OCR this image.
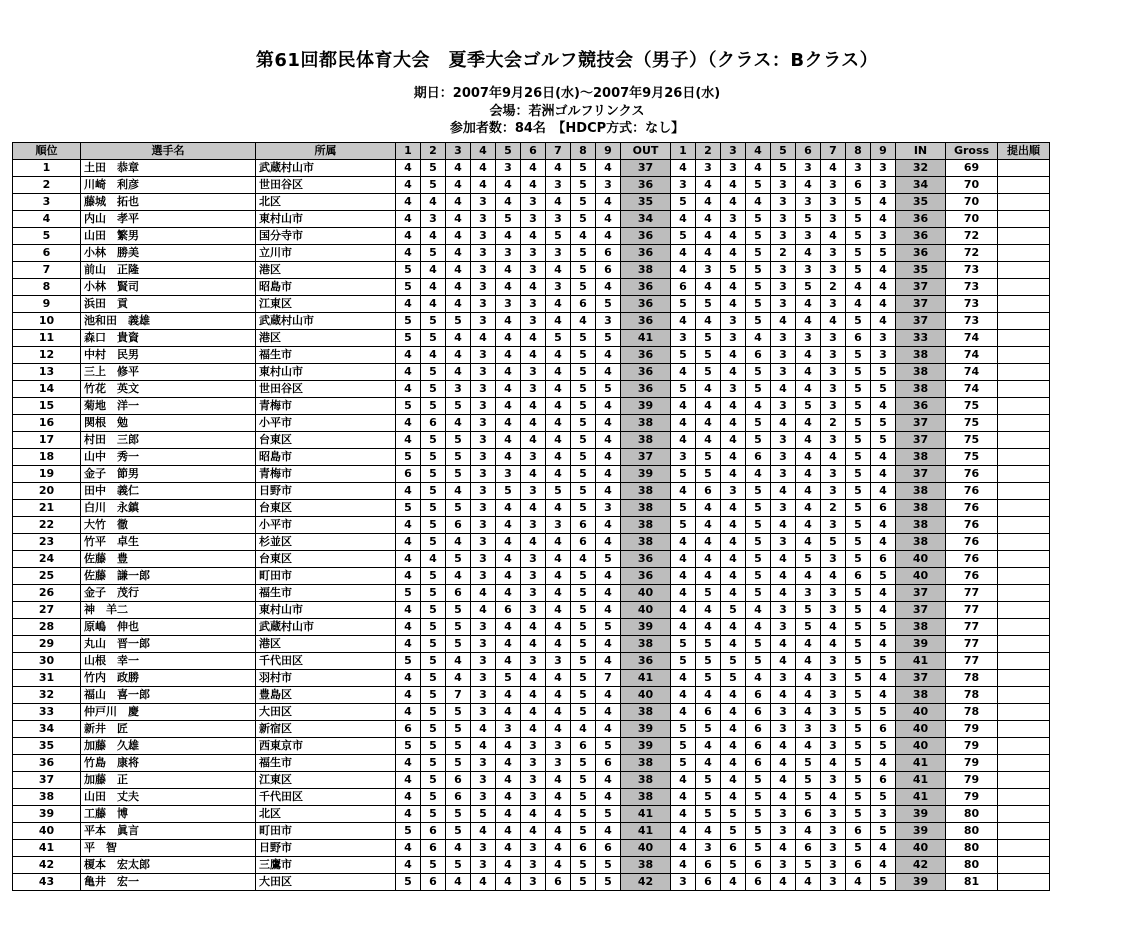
第61回都民体育大会　夏季大会ゴルフ競技会（男子）（クラス：Bクラス）
期日：2007年9月26日(水)～2007年9月26日(水)
会場：若洲ゴルフリンクス
参加者数：84名　【HDCP方式：なし】
順位	選手名	所属	1	2	3	4	5	6	7	8	9	OUT	1	2	3	4	5	6	7	8	9	IN	Gross	提出順
1	土田　恭章	武蔵村山市	4	5	4	4	3	4	4	5	4	37	4	3	3	4	5	3	4	3	3	32	69	
2	川崎　利彦	世田谷区	4	5	4	4	4	4	3	5	3	36	3	4	4	5	3	4	3	6	3	34	70	
3	藤城　拓也	北区	4	4	4	3	4	3	4	5	4	35	5	4	4	4	3	3	3	5	4	35	70	
4	内山　孝平	東村山市	4	3	4	3	5	3	3	5	4	34	4	4	3	5	3	5	3	5	4	36	70	
5	山田　繁男	国分寺市	4	4	4	3	4	4	5	4	4	36	5	4	4	5	3	3	4	5	3	36	72	
6	小林　勝美	立川市	4	5	4	3	3	3	3	5	6	36	4	4	4	5	2	4	3	5	5	36	72	
7	前山　正隆	港区	5	4	4	3	4	3	4	5	6	38	4	3	5	5	3	3	3	5	4	35	73	
8	小林　賢司	昭島市	5	4	4	3	4	4	3	5	4	36	6	4	4	5	3	5	2	4	4	37	73	
9	浜田　貢	江東区	4	4	4	3	3	3	4	6	5	36	5	5	4	5	3	4	3	4	4	37	73	
10	池和田　義雄	武蔵村山市	5	5	5	3	4	3	4	4	3	36	4	4	3	5	4	4	4	5	4	37	73	
11	森口　貴資	港区	5	5	4	4	4	4	5	5	5	41	3	5	3	4	3	3	3	6	3	33	74	
12	中村　民男	福生市	4	4	4	3	4	4	4	5	4	36	5	5	4	6	3	4	3	5	3	38	74	
13	三上　修平	東村山市	4	5	4	3	4	3	4	5	4	36	4	5	4	5	3	4	3	5	5	38	74	
14	竹花　英文	世田谷区	4	5	3	3	4	3	4	5	5	36	5	4	3	5	4	4	3	5	5	38	74	
15	菊地　洋一	青梅市	5	5	5	3	4	4	4	5	4	39	4	4	4	4	3	5	3	5	4	36	75	
16	関根　勉	小平市	4	6	4	3	4	4	4	5	4	38	4	4	4	5	4	4	2	5	5	37	75	
17	村田　三郎	台東区	4	5	5	3	4	4	4	5	4	38	4	4	4	5	3	4	3	5	5	37	75	
18	山中　秀一	昭島市	5	5	5	3	4	3	4	5	4	37	3	5	4	6	3	4	4	5	4	38	75	
19	金子　節男	青梅市	6	5	5	3	3	4	4	5	4	39	5	5	4	4	3	4	3	5	4	37	76	
20	田中　義仁	日野市	4	5	4	3	5	3	5	5	4	38	4	6	3	5	4	4	3	5	4	38	76	
21	白川　永鎮	台東区	5	5	5	3	4	4	4	5	3	38	5	4	4	5	3	4	2	5	6	38	76	
22	大竹　徹	小平市	4	5	6	3	4	3	3	6	4	38	5	4	4	5	4	4	3	5	4	38	76	
23	竹平　卓生	杉並区	4	5	4	3	4	4	4	6	4	38	4	4	4	5	3	4	5	5	4	38	76	
24	佐藤　豊	台東区	4	4	5	3	4	3	4	4	5	36	4	4	4	5	4	5	3	5	6	40	76	
25	佐藤　謙一郎	町田市	4	5	4	3	4	3	4	5	4	36	4	4	4	5	4	4	4	6	5	40	76	
26	金子　茂行	福生市	5	5	6	4	4	3	4	5	4	40	4	5	4	5	4	3	3	5	4	37	77	
27	神　羊二	東村山市	4	5	5	4	6	3	4	5	4	40	4	4	5	4	3	5	3	5	4	37	77	
28	原嶋　伸也	武蔵村山市	4	5	5	3	4	4	4	5	5	39	4	4	4	4	3	5	4	5	5	38	77	
29	丸山　晋一郎	港区	4	5	5	3	4	4	4	5	4	38	5	5	4	5	4	4	4	5	4	39	77	
30	山根　幸一	千代田区	5	5	4	3	4	3	3	5	4	36	5	5	5	5	4	4	3	5	5	41	77	
31	竹内　政勝	羽村市	4	5	4	3	5	4	4	5	7	41	4	5	5	4	3	4	3	5	4	37	78	
32	福山　喜一郎	豊島区	4	5	7	3	4	4	4	5	4	40	4	4	4	6	4	4	3	5	4	38	78	
33	仲戸川　慶	大田区	4	5	5	3	4	4	4	5	4	38	4	6	4	6	3	4	3	5	5	40	78	
34	新井　匠	新宿区	6	5	5	4	3	4	4	4	4	39	5	5	4	6	3	3	3	5	6	40	79	
35	加藤　久雄	西東京市	5	5	5	4	4	3	3	6	5	39	5	4	4	6	4	4	3	5	5	40	79	
36	竹島　康将	福生市	4	5	5	3	4	3	3	5	6	38	5	4	4	6	4	5	4	5	4	41	79	
37	加藤　正	江東区	4	5	6	3	4	3	4	5	4	38	4	5	4	5	4	5	3	5	6	41	79	
38	山田　丈夫	千代田区	4	5	6	3	4	3	4	5	4	38	4	5	4	5	4	5	4	5	5	41	79	
39	工藤　博	北区	4	5	5	5	4	4	4	5	5	41	4	5	5	5	3	6	3	5	3	39	80	
40	平本　眞言	町田市	5	6	5	4	4	4	4	5	4	41	4	4	5	5	3	4	3	6	5	39	80	
41	平　智	日野市	4	6	4	3	4	3	4	6	6	40	4	3	6	5	4	6	3	5	4	40	80	
42	榎本　宏太郎	三鷹市	4	5	5	3	4	3	4	5	5	38	4	6	5	6	3	5	3	6	4	42	80	
43	亀井　宏一	大田区	5	6	4	4	4	3	6	5	5	42	3	6	4	6	4	4	3	4	5	39	81	
